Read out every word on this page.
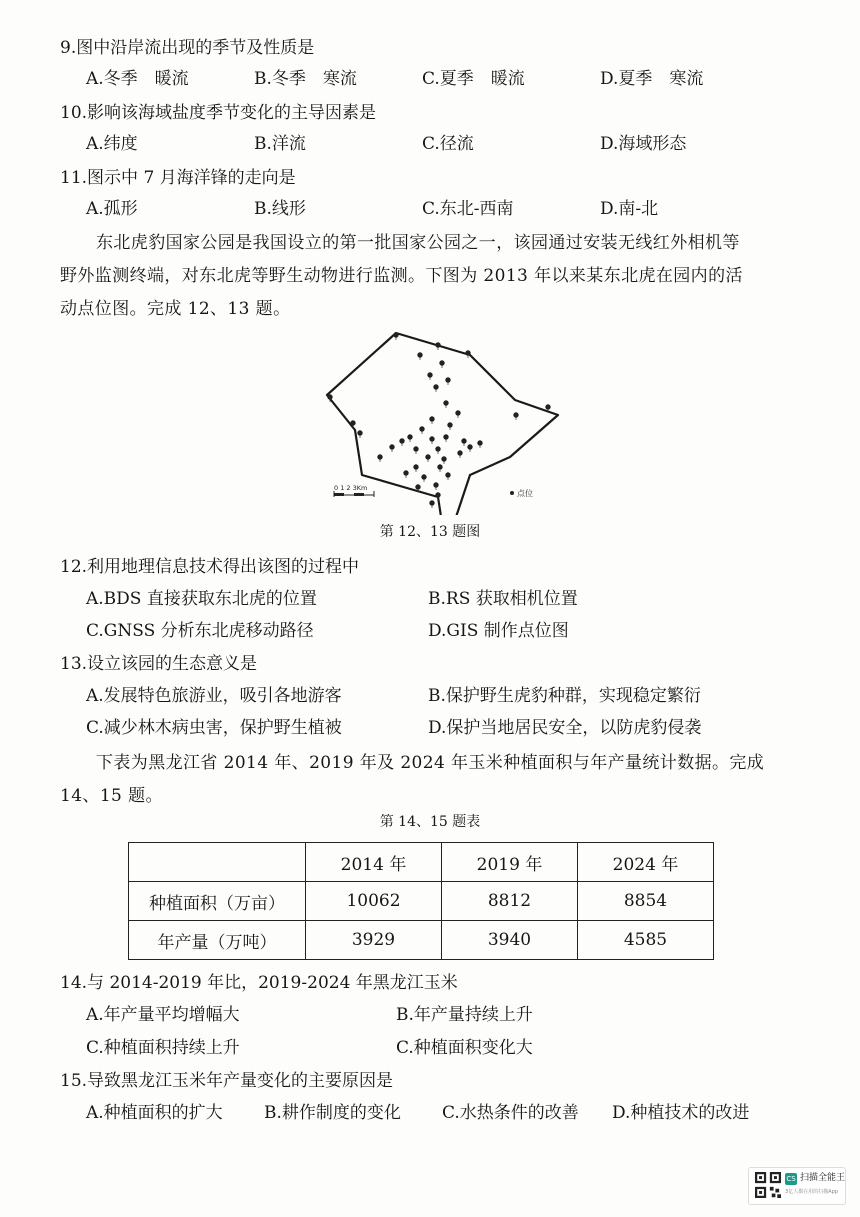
9.图中沿岸流出现的季节及性质是
A.冬季　暖流	B.冬季　寒流	C.夏季　暖流	D.夏季　寒流
10.影响该海域盐度季节变化的主导因素是
A.纬度	B.洋流	C.径流	D.海域形态
11.图示中 7 月海洋锋的走向是
A.孤形	B.线形	C.东北-西南	D.南-北
东北虎豹国家公园是我国设立的第一批国家公园之一，该园通过安装无线红外相机等
野外监测终端，对东北虎等野生动物进行监测。下图为 2013 年以来某东北虎在园内的活
动点位图。完成 12、13 题。
0 1 2 3Km
点位
第 12、13 题图
12.利用地理信息技术得出该图的过程中
A.BDS 直接获取东北虎的位置	B.RS 获取相机位置
C.GNSS 分析东北虎移动路径	D.GIS 制作点位图
13.设立该园的生态意义是
A.发展特色旅游业，吸引各地游客	B.保护野生虎豹种群，实现稳定繁衍
C.减少林木病虫害，保护野生植被	D.保护当地居民安全，以防虎豹侵袭
下表为黑龙江省 2014 年、2019 年及 2024 年玉米种植面积与年产量统计数据。完成
14、15 题。
第 14、15 题表
	2014 年	2019 年	2024 年
种植面积（万亩）	10062	8812	8854
年产量（万吨）	3929	3940	4585
14.与 2014-2019 年比，2019-2024 年黑龙江玉米
A.年产量平均增幅大	B.年产量持续上升
C.种植面积持续上升	C.种植面积变化大
15.导致黑龙江玉米年产量变化的主要原因是
A.种植面积的扩大 B.耕作制度的变化 C.水热条件的改善 D.种植技术的改进
CS 扫描全能王
3亿人都在用的扫描App
